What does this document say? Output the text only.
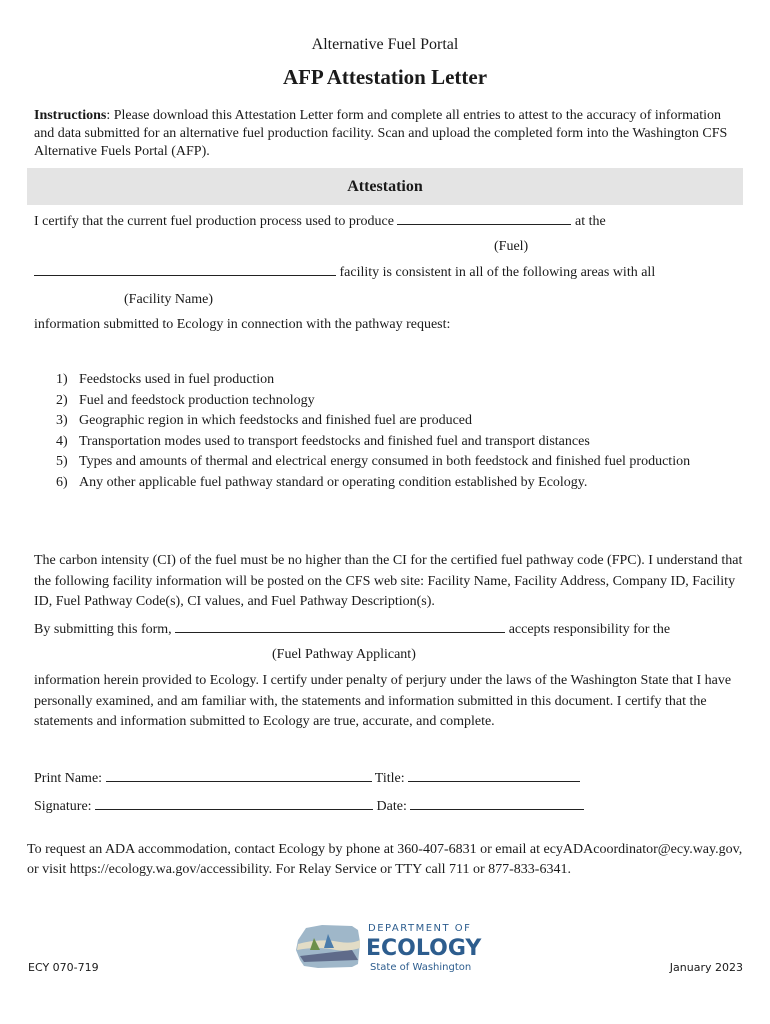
Alternative Fuel Portal
AFP Attestation Letter
Instructions: Please download this Attestation Letter form and complete all entries to attest to the accuracy of information and data submitted for an alternative fuel production facility. Scan and upload the completed form into the Washington CFS Alternative Fuels Portal (AFP).
Attestation
I certify that the current fuel production process used to produce	at the
(Fuel)
facility is consistent in all of the following areas with all
(Facility Name)
information submitted to Ecology in connection with the pathway request:
1) Feedstocks used in fuel production
2) Fuel and feedstock production technology
3) Geographic region in which feedstocks and finished fuel are produced
4) Transportation modes used to transport feedstocks and finished fuel and transport distances
5) Types and amounts of thermal and electrical energy consumed in both feedstock and finished fuel production
6) Any other applicable fuel pathway standard or operating condition established by Ecology.
The carbon intensity (CI) of the fuel must be no higher than the CI for the certified fuel pathway code (FPC). I understand that the following facility information will be posted on the CFS web site: Facility Name, Facility Address, Company ID, Facility ID, Fuel Pathway Code(s), CI values, and Fuel Pathway Description(s).
By submitting this form,	accepts responsibility for the
(Fuel Pathway Applicant)
information herein provided to Ecology. I certify under penalty of perjury under the laws of the Washington State that I have personally examined, and am familiar with, the statements and information submitted in this document. I certify that the statements and information submitted to Ecology are true, accurate, and complete.
Print Name:	Title:
Signature:	Date:
To request an ADA accommodation, contact Ecology by phone at 360-407-6831 or email at ecyADAcoordinator@ecy.way.gov, or visit https://ecology.wa.gov/accessibility. For Relay Service or TTY call 711 or 877-833-6341.
ECY 070-719
DEPARTMENT OF
ECOLOGY
State of Washington	January 2023
